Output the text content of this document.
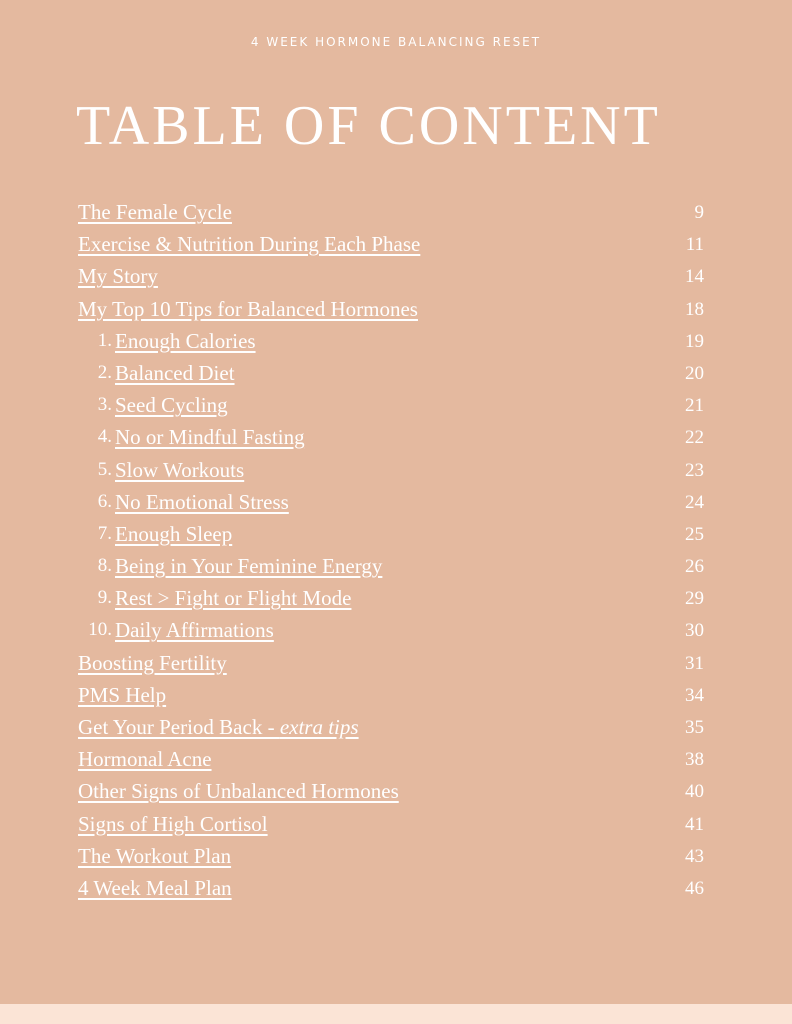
4 WEEK HORMONE BALANCING RESET
TABLE OF CONTENT
The Female Cycle	9
Exercise & Nutrition During Each Phase	11
My Story	14
My Top 10 Tips for Balanced Hormones	18
1. Enough Calories	19
2. Balanced Diet	20
3. Seed Cycling	21
4. No or Mindful Fasting	22
5. Slow Workouts	23
6. No Emotional Stress	24
7. Enough Sleep	25
8. Being in Your Feminine Energy	26
9. Rest > Fight or Flight Mode	29
10. Daily Affirmations	30
Boosting Fertility	31
PMS Help	34
Get Your Period Back - extra tips	35
Hormonal Acne	38
Other Signs of Unbalanced Hormones	40
Signs of High Cortisol	41
The Workout Plan	43
4 Week Meal Plan	46
